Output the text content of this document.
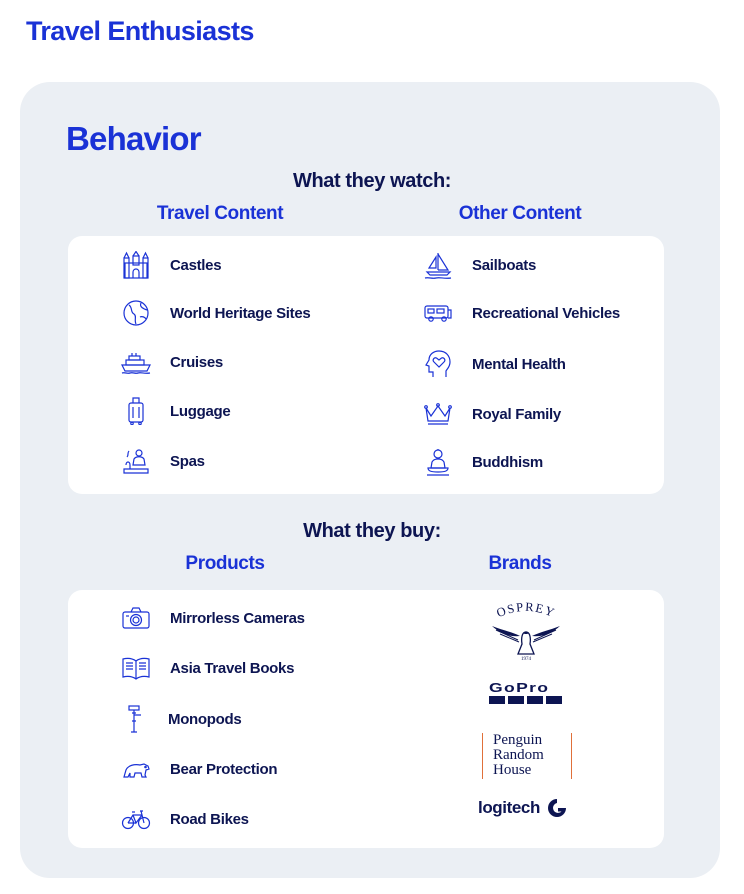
Travel Enthusiasts
Behavior
What they watch:
Travel Content	Other Content
Castles
World Heritage Sites
Cruises
Luggage
Spas
Sailboats
Recreational Vehicles
Mental Health
Royal Family
Buddhism
What they buy:
Products	Brands
Mirrorless Cameras
Asia Travel Books
Monopods
Bear Protection
Road Bikes
OSPREY
1974
GoPro
Penguin
Random
House
logitech
